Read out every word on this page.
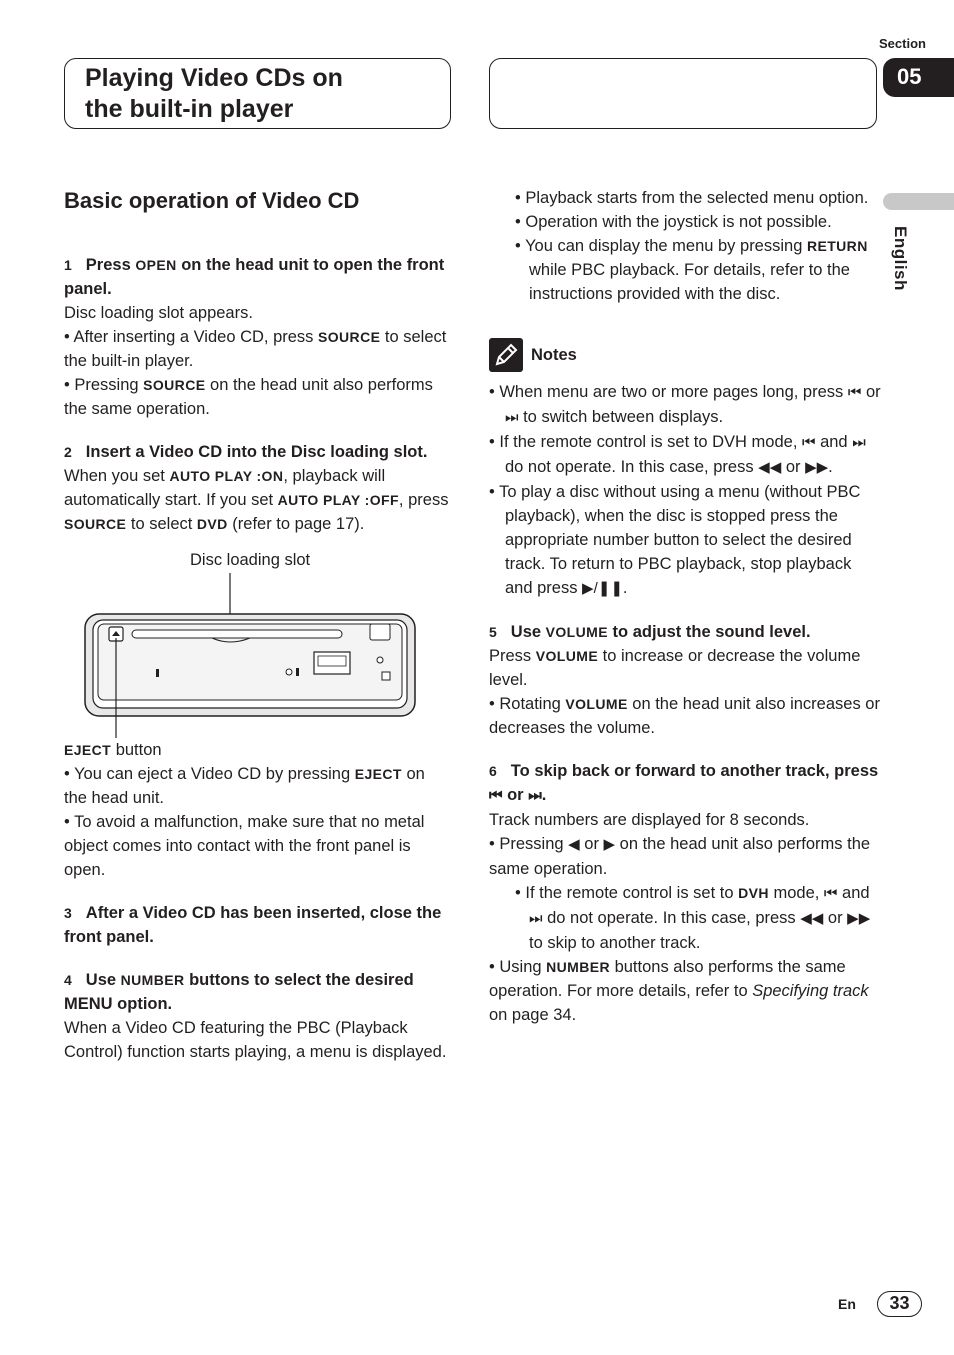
Playing Video CDs on
the built-in player
Section
05
English
Basic operation of Video CD
1 Press OPEN on the head unit to open the front panel.

Disc loading slot appears.

• After inserting a Video CD, press SOURCE to select the built-in player.

• Pressing SOURCE on the head unit also performs the same operation.

2 Insert a Video CD into the Disc loading slot.

When you set AUTO PLAY :ON, playback will automatically start. If you set AUTO PLAY :OFF, press SOURCE to select DVD (refer to page 17).

Disc loading slot

EJECT button

• You can eject a Video CD by pressing EJECT on the head unit.

• To avoid a malfunction, make sure that no metal object comes into contact with the front panel is open.

3 After a Video CD has been inserted, close the front panel.
4 Use NUMBER buttons to select the desired MENU option.

When a Video CD featuring the PBC (Playback Control) function starts playing, a menu is displayed.

• Playback starts from the selected menu option.

• Operation with the joystick is not possible.

• You can display the menu by pressing RETURN while PBC playback. For details, refer to the instructions provided with the disc.

Notes

• When menu are two or more pages long, press ⏮ or ⏭ to switch between displays.

• If the remote control is set to DVH mode, ⏮ and ⏭ do not operate. In this case, press ◀◀ or ▶▶.

• To play a disc without using a menu (without PBC playback), when the disc is stopped press the appropriate number button to select the desired track. To return to PBC playback, stop playback and press ▶/❚❚.

5 Use VOLUME to adjust the sound level.

Press VOLUME to increase or decrease the volume level.

• Rotating VOLUME on the head unit also increases or decreases the volume.

6 To skip back or forward to another track, press ⏮ or ⏭.

Track numbers are displayed for 8 seconds.

• Pressing ◀ or ▶ on the head unit also performs the same operation.

• If the remote control is set to DVH mode, ⏮ and ⏭ do not operate. In this case, press ◀◀ or ▶▶ to skip to another track.

• Using NUMBER buttons also performs the same operation. For more details, refer to Specifying track on page 34.

En	33
